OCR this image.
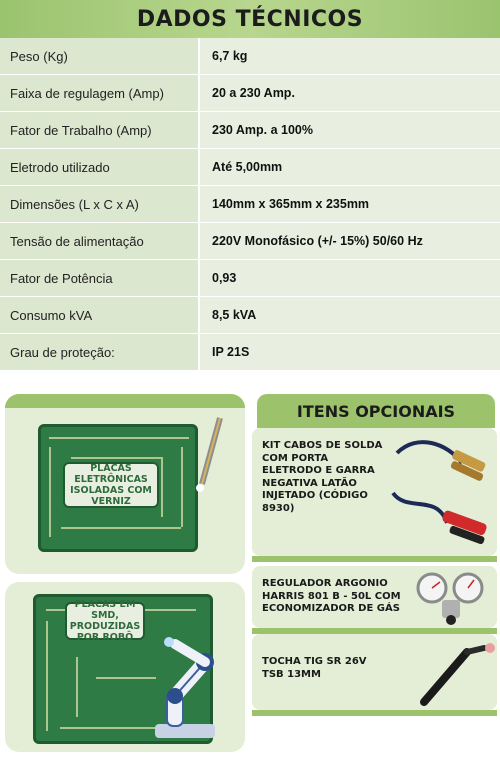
DADOS TÉCNICOS
Peso (Kg)	6,7 kg
Faixa de regulagem (Amp)	20 a 230 Amp.
Fator de Trabalho (Amp)	230 Amp. a 100%
Eletrodo utilizado	Até 5,00mm
Dimensões (L x C x A)	140mm x 365mm x 235mm
Tensão de alimentação	220V Monofásico (+/- 15%) 50/60 Hz
Fator de Potência	0,93
Consumo kVA	8,5 kVA
Grau de proteção:	IP 21S
PLACAS ELETRÔNICAS ISOLADAS COM VERNIZ
PLACAS EM SMD, PRODUZIDAS POR ROBÔ
ITENS OPCIONAIS
KIT CABOS DE SOLDA COM PORTA ELETRODO E GARRA NEGATIVA LATÃO INJETADO (CÓDIGO 8930)
REGULADOR ARGONIO HARRIS 801 B - 50L COM ECONOMIZADOR DE GÁS
TOCHA TIG SR 26V TSB 13MM
